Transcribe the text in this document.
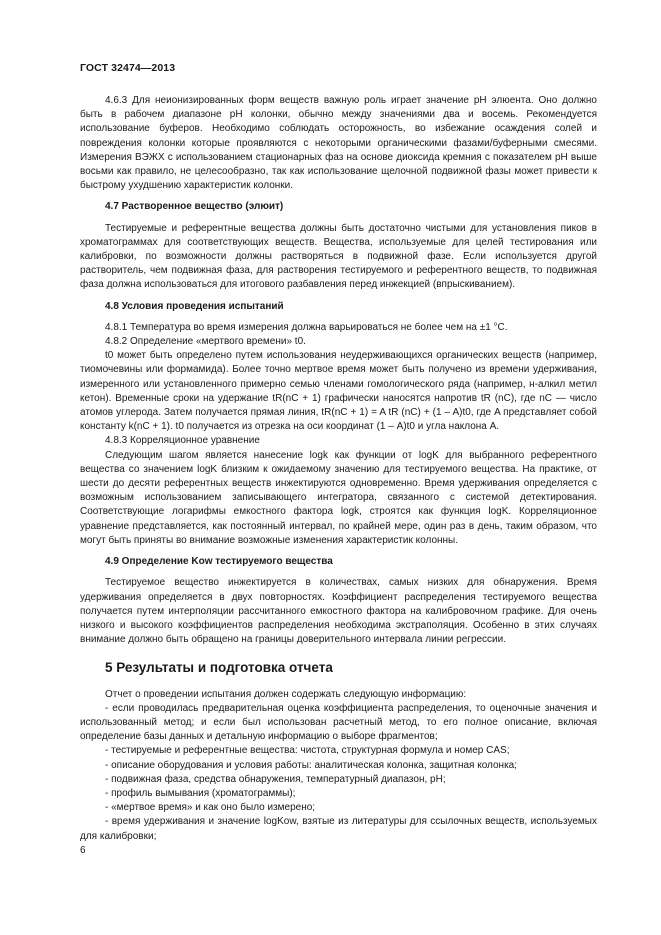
ГОСТ 32474—2013

4.6.3 Для неионизированных форм веществ важную роль играет значение pH элюента. Оно должно быть в рабочем диапазоне pH колонки, обычно между значениями два и восемь. Рекомендуется использование буферов. Необходимо соблюдать осторожность, во избежание осаждения солей и повреждения колонки которые проявляются с некоторыми органическими фазами/буферными смесями. Измерения ВЭЖХ с использованием стационарных фаз на основе диоксида кремния с показателем pH выше восьми как правило, не целесообразно, так как использование щелочной подвижной фазы может привести к быстрому ухудшению характеристик колонки.

4.7 Растворенное вещество (элюит)

Тестируемые и референтные вещества должны быть достаточно чистыми для установления пиков в хроматограммах для соответствующих веществ. Вещества, используемые для целей тестирования или калибровки, по возможности должны растворяться в подвижной фазе. Если используется другой растворитель, чем подвижная фаза, для растворения тестируемого и референтного веществ, то подвижная фаза должна использоваться для итогового разбавления перед инжекцией (впрыскиванием).

4.8 Условия проведения испытаний

4.8.1 Температура во время измерения должна варьироваться не более чем на ±1 °С.

4.8.2 Определение «мертвого времени» t0.

t0 может быть определено путем использования неудерживающихся органических веществ (например, тиомочевины или формамида). Более точно мертвое время может быть получено из времени удерживания, измеренного или установленного примерно семью членами гомологического ряда (например, н-алкил метил кетон). Временные сроки на удержание tR(nC + 1) графически наносятся напротив tR (nC), где nC — число атомов углерода. Затем получается прямая линия, tR(nC + 1) = A tR (nC) + (1 – A)t0, где A представляет собой константу k(nC + 1). t0 получается из отрезка на оси координат (1 – A)t0 и угла наклона A.

4.8.3 Корреляционное уравнение

Следующим шагом является нанесение logk как функции от logK для выбранного референтного вещества со значением logK близким к ожидаемому значению для тестируемого вещества. На практике, от шести до десяти референтных веществ инжектируются одновременно. Время удерживания определяется с возможным использованием записывающего интегратора, связанного с системой детектирования. Соответствующие логарифмы емкостного фактора logk, строятся как функция logK. Корреляционное уравнение представляется, как постоянный интервал, по крайней мере, один раз в день, таким образом, что могут быть приняты во внимание возможные изменения характеристик колонны.

4.9 Определение Kow тестируемого вещества

Тестируемое вещество инжектируется в количествах, самых низких для обнаружения. Время удерживания определяется в двух повторностях. Коэффициент распределения тестируемого вещества получается путем интерполяции рассчитанного емкостного фактора на калибровочном графике. Для очень низкого и высокого коэффициентов распределения необходима экстраполяция. Особенно в этих случаях внимание должно быть обращено на границы доверительного интервала линии регрессии.

5 Результаты и подготовка отчета

Отчет о проведении испытания должен содержать следующую информацию:

- если проводилась предварительная оценка коэффициента распределения, то оценочные значения и использованный метод; и если был использован расчетный метод, то его полное описание, включая определение базы данных и детальную информацию о выборе фрагментов;

- тестируемые и референтные вещества: чистота, структурная формула и номер CAS;

- описание оборудования и условия работы: аналитическая колонка, защитная колонка;

- подвижная фаза, средства обнаружения, температурный диапазон, pH;

- профиль вымывания (хроматограммы);

- «мертвое время» и как оно было измерено;

- время удерживания и значение logKow, взятые из литературы для ссылочных веществ, используемых для калибровки;

6
